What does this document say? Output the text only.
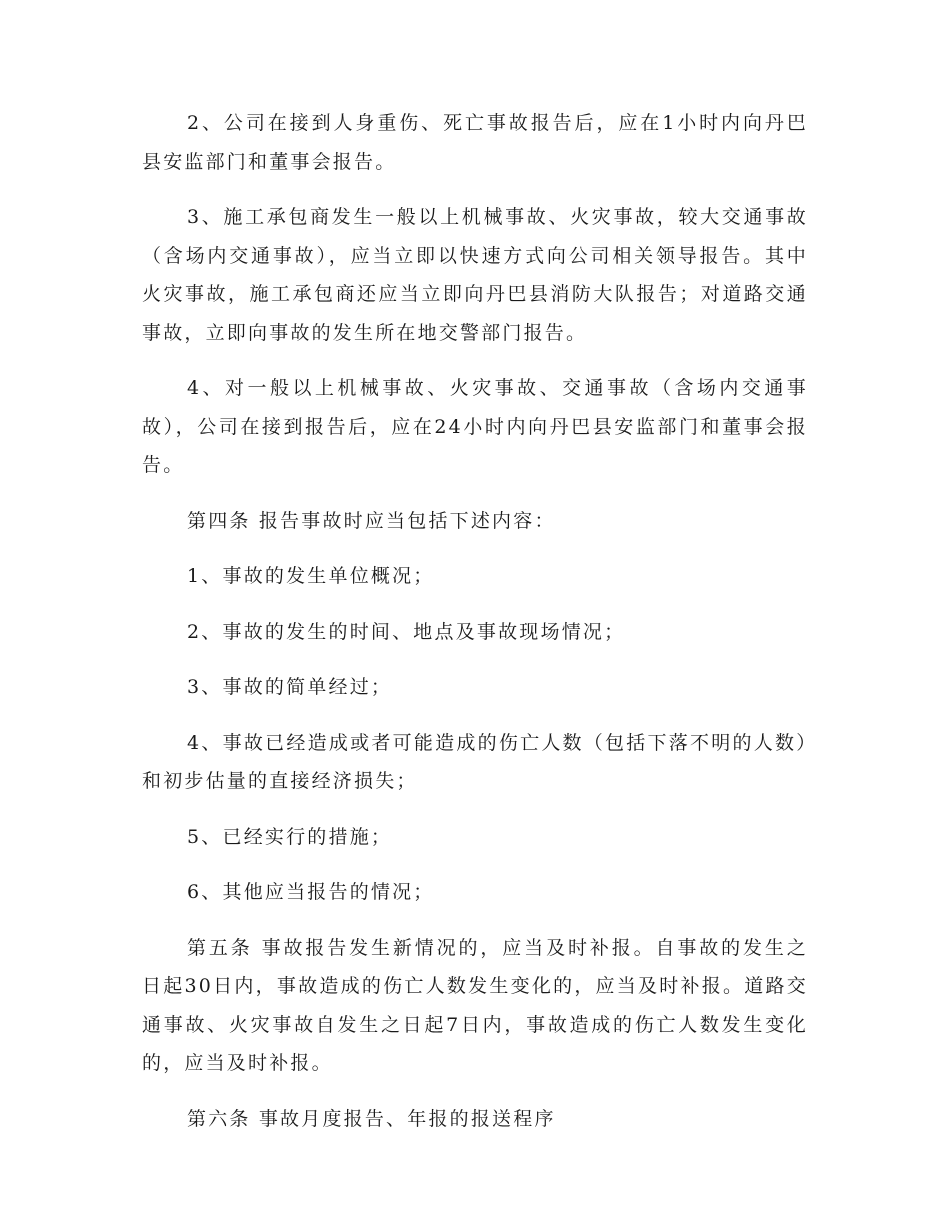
2、公司在接到人身重伤、死亡事故报告后，应在1小时内向丹巴县安监部门和董事会报告。

3、施工承包商发生一般以上机械事故、火灾事故，较大交通事故（含场内交通事故），应当立即以快速方式向公司相关领导报告。其中火灾事故，施工承包商还应当立即向丹巴县消防大队报告；对道路交通事故，立即向事故的发生所在地交警部门报告。

4、对一般以上机械事故、火灾事故、交通事故（含场内交通事故），公司在接到报告后，应在24小时内向丹巴县安监部门和董事会报告。

第四条 报告事故时应当包括下述内容：

1、事故的发生单位概况；

2、事故的发生的时间、地点及事故现场情况；

3、事故的简单经过；

4、事故已经造成或者可能造成的伤亡人数（包括下落不明的人数）和初步估量的直接经济损失；

5、已经实行的措施；

6、其他应当报告的情况；

第五条 事故报告发生新情况的，应当及时补报。自事故的发生之日起30日内，事故造成的伤亡人数发生变化的，应当及时补报。道路交通事故、火灾事故自发生之日起7日内，事故造成的伤亡人数发生变化的，应当及时补报。

第六条 事故月度报告、年报的报送程序
